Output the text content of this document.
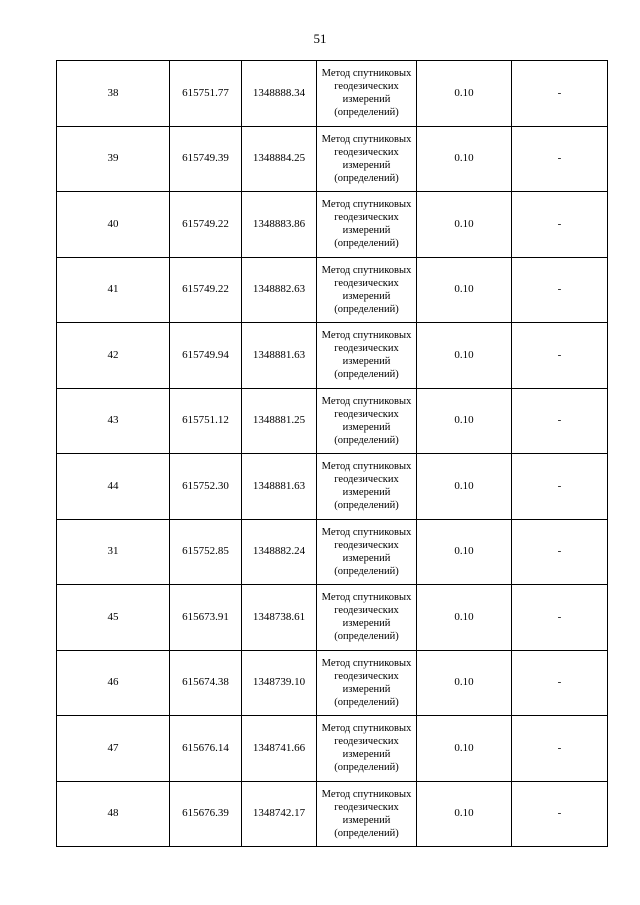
51
38	615751.77	1348888.34	Метод спутниковых геодезических измерений (определений)	0.10	-
39	615749.39	1348884.25	Метод спутниковых геодезических измерений (определений)	0.10	-
40	615749.22	1348883.86	Метод спутниковых геодезических измерений (определений)	0.10	-
41	615749.22	1348882.63	Метод спутниковых геодезических измерений (определений)	0.10	-
42	615749.94	1348881.63	Метод спутниковых геодезических измерений (определений)	0.10	-
43	615751.12	1348881.25	Метод спутниковых геодезических измерений (определений)	0.10	-
44	615752.30	1348881.63	Метод спутниковых геодезических измерений (определений)	0.10	-
31	615752.85	1348882.24	Метод спутниковых геодезических измерений (определений)	0.10	-
45	615673.91	1348738.61	Метод спутниковых геодезических измерений (определений)	0.10	-
46	615674.38	1348739.10	Метод спутниковых геодезических измерений (определений)	0.10	-
47	615676.14	1348741.66	Метод спутниковых геодезических измерений (определений)	0.10	-
48	615676.39	1348742.17	Метод спутниковых геодезических измерений (определений)	0.10	-
